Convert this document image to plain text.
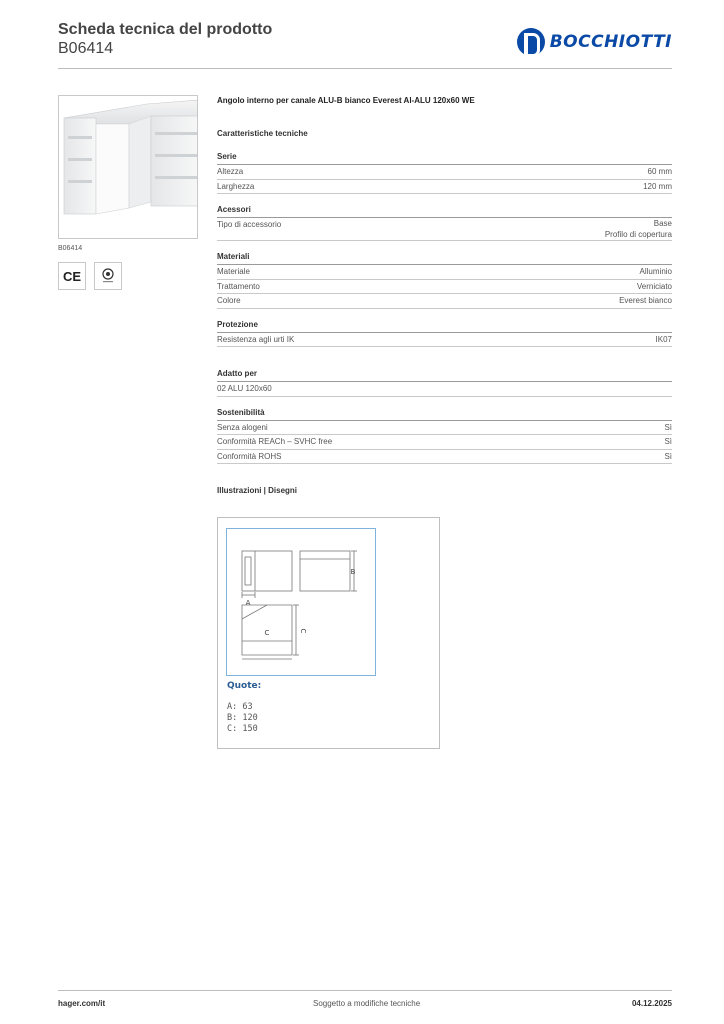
Scheda tecnica del prodotto
B06414	BOCCHIOTTI
B06414
CE
Angolo interno per canale ALU-B bianco Everest Al-ALU 120x60 WE
Caratteristiche tecniche
Serie
Altezza	60 mm
Larghezza	120 mm
Acessori
Tipo di accessorio	Base
Profilo di copertura
Materiali
Materiale	Alluminio
Trattamento	Verniciato
Colore	Everest bianco
Protezione
Resistenza agli urti IK	IK07
Adatto per
02 ALU 120x60
Sostenibilità
Senza alogeni	Sì
Conformità REACh – SVHC free	Sì
Conformità ROHS	Sì
Illustrazioni | Disegni
B
A
C	C
Quote:
A: 63
B: 120
C: 150
hager.com/it	Soggetto a modifiche tecniche	04.12.2025
